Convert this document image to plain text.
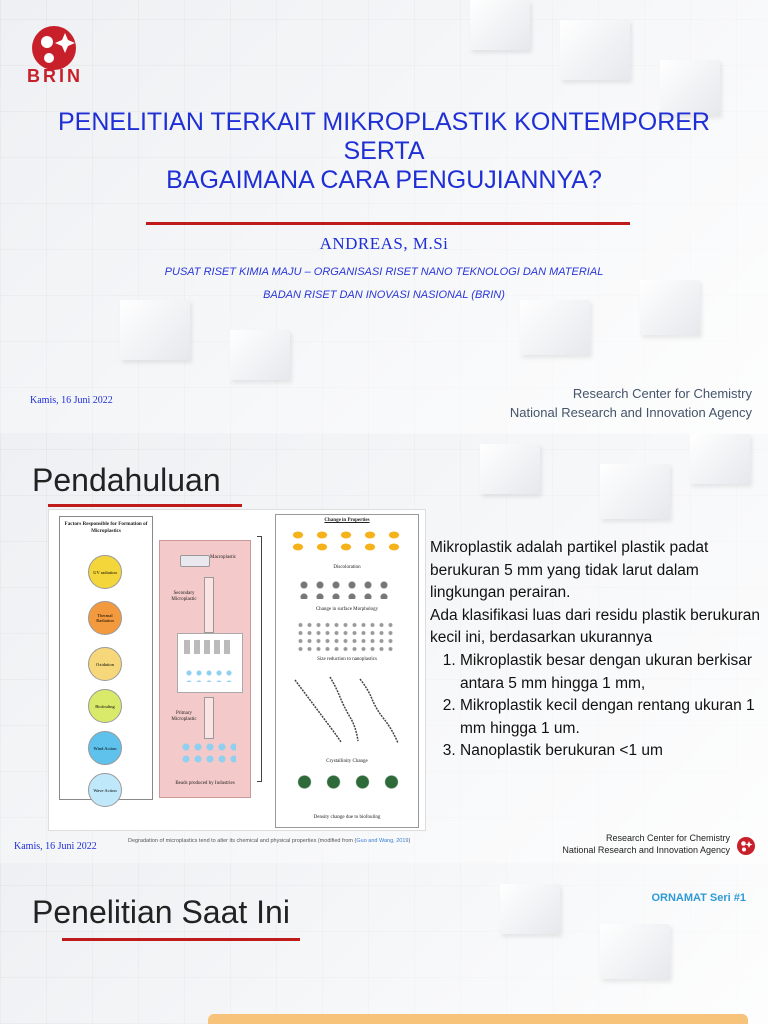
BRIN
PENELITIAN TERKAIT MIKROPLASTIK KONTEMPORER
SERTA
BAGAIMANA CARA PENGUJIANNYA?
ANDREAS, M.Si
PUSAT RISET KIMIA MAJU – ORGANISASI RISET NANO TEKNOLOGI DAN MATERIAL
BADAN RISET DAN INOVASI NASIONAL (BRIN)
Kamis, 16 Juni 2022	Research Center for Chemistry
National Research and Innovation Agency
Pendahuluan
Factors Responsible for Formation of Microplastics
UV radiation
Thermal Radiation
Oxidation
Biofouling
Wind Action
Wave Action
Macroplastic
Secondary Microplastic
Primary Microplastic
Beads produced by Industries
Change in Properties
Discoloration
Change in surface Morphology
Size reduction to nanoplastics
Crystallinity Change
Density change due to biofouling

Mikroplastik adalah partikel plastik padat berukuran 5 mm yang tidak larut dalam lingkungan perairan.

Ada klasifikasi luas dari residu plastik berukuran kecil ini, berdasarkan ukurannya

1. Mikroplastik besar dengan ukuran berkisar antara 5 mm hingga 1 mm,
2. Mikroplastik kecil dengan rentang ukuran 1 mm hingga 1 um.
3. Nanoplastik berukuran <1 um
Kamis, 16 Juni 2022	Degradation of microplastics tend to alter its chemical and physical properties (modified from (Guo and Wang, 2019)	Research Center for Chemistry
National Research and Innovation Agency
Penelitian Saat Ini	ORNAMAT Seri #1
